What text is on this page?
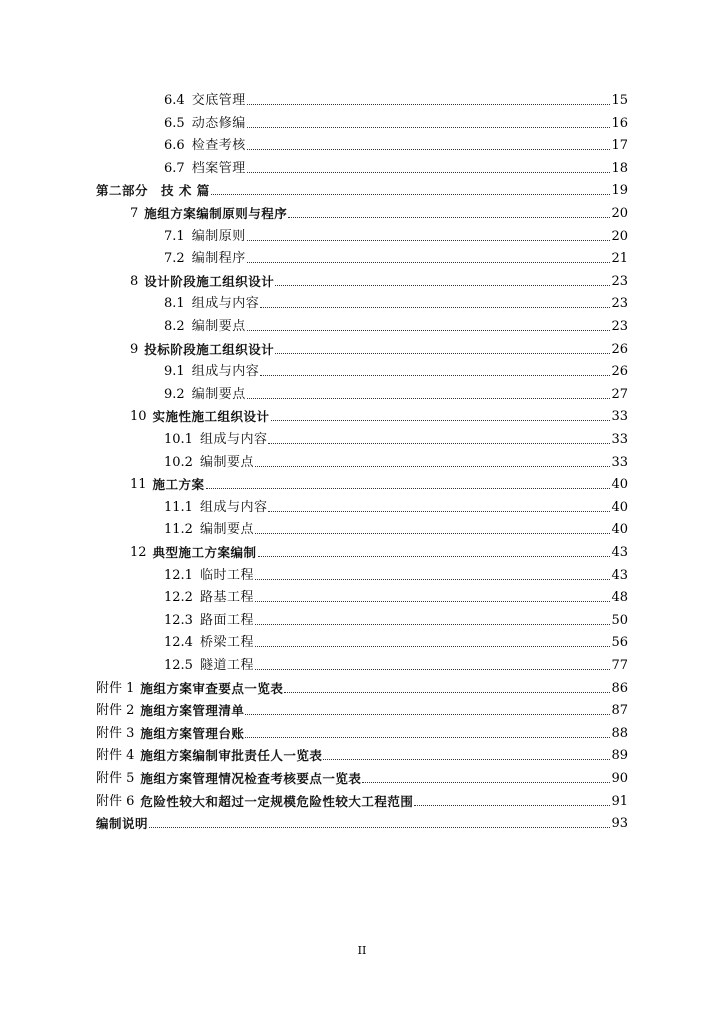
6.4 交底管理	15
6.5 动态修编	16
6.6 检查考核	17
6.7 档案管理	18
第二部分　技 术 篇	19
7 施组方案编制原则与程序	20
7.1 编制原则	20
7.2 编制程序	21
8 设计阶段施工组织设计	23
8.1 组成与内容	23
8.2 编制要点	23
9 投标阶段施工组织设计	26
9.1 组成与内容	26
9.2 编制要点	27
10 实施性施工组织设计	33
10.1 组成与内容	33
10.2 编制要点	33
11 施工方案	40
11.1 组成与内容	40
11.2 编制要点	40
12 典型施工方案编制	43
12.1 临时工程	43
12.2 路基工程	48
12.3 路面工程	50
12.4 桥梁工程	56
12.5 隧道工程	77
附件 1 施组方案审查要点一览表	86
附件 2 施组方案管理清单	87
附件 3 施组方案管理台账	88
附件 4 施组方案编制审批责任人一览表	89
附件 5 施组方案管理情况检查考核要点一览表	90
附件 6 危险性较大和超过一定规模危险性较大工程范围	91
编制说明	93
II
